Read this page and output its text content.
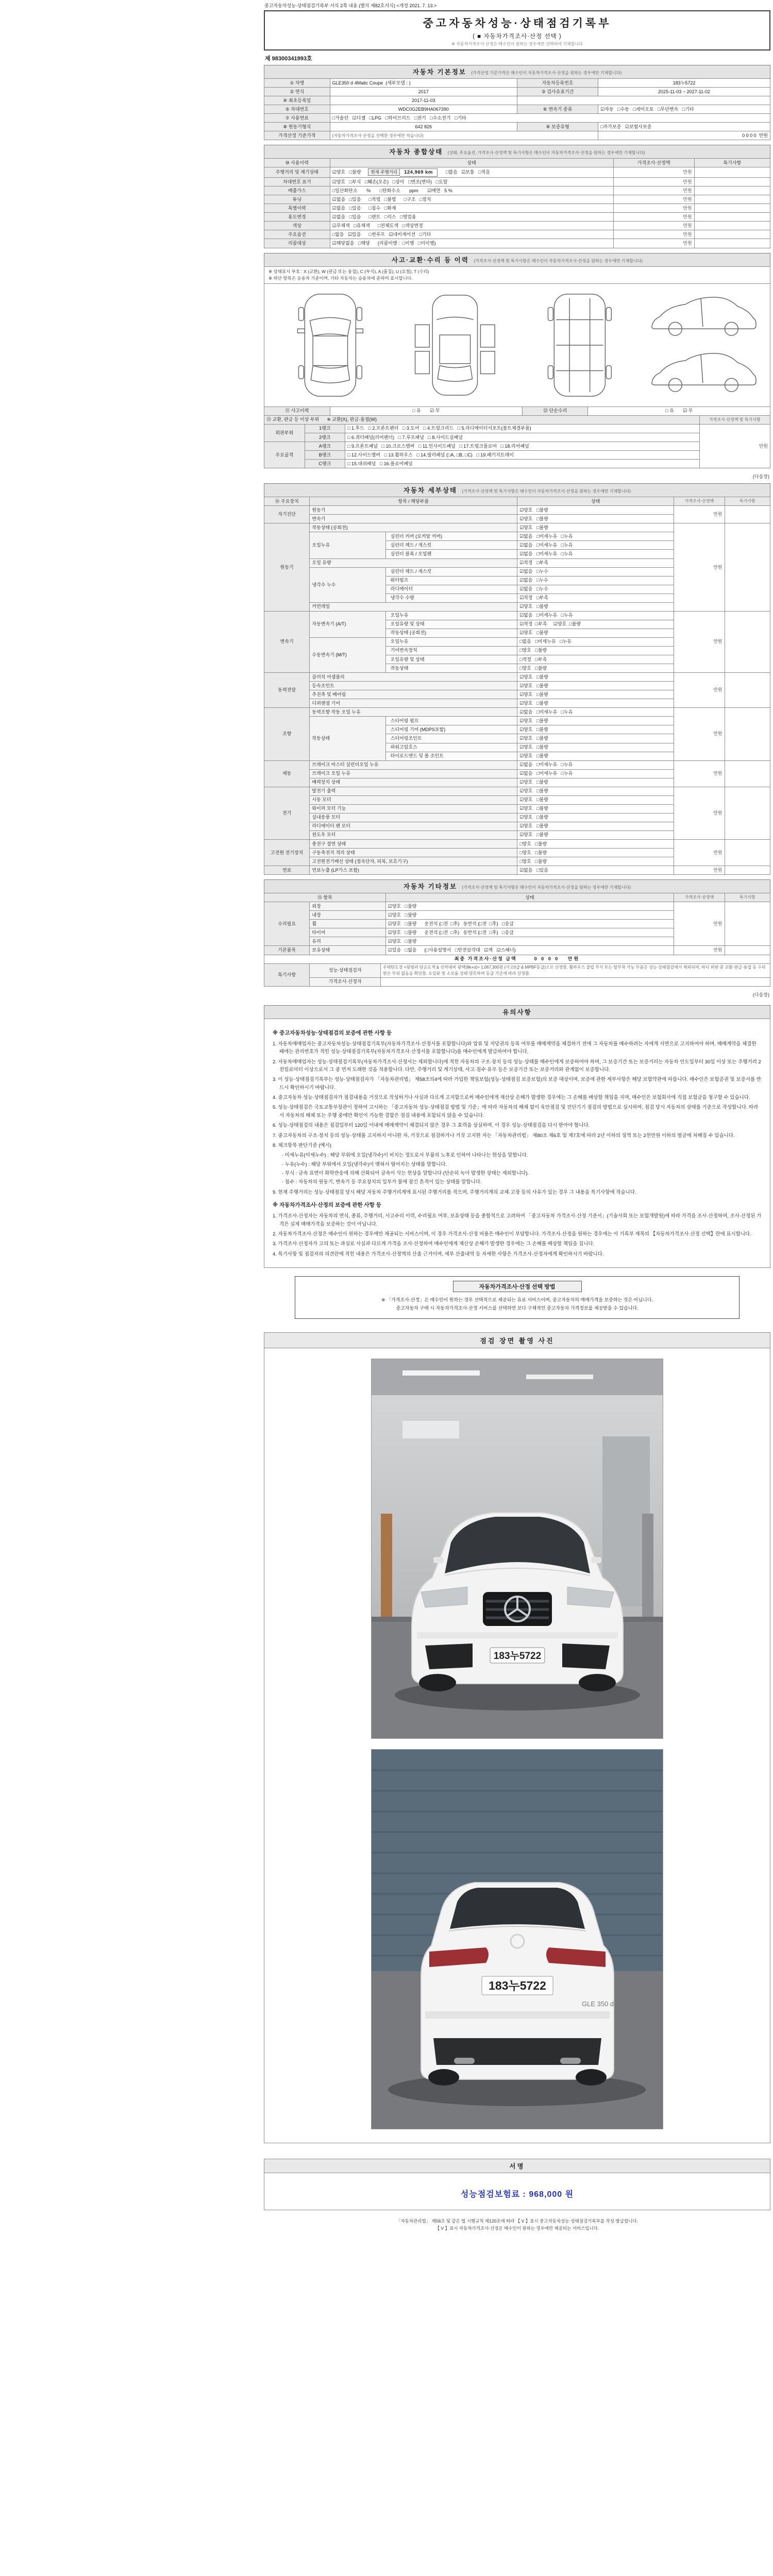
중고자동차성능·상태점검기록부 서식 2쪽 내용 (별지 제82호서식) <개정 2021. 7. 13.>
중고자동차성능·상태점검기록부
( ■ 자동차가격조사·산정 선택 )
※ 자동차가격조사·산정은 매수인이 원하는 경우에만 선택하여 기재합니다
제 98300341993호
자동차 기본정보 (가격산정 기준가격은 매수인이 자동차가격조사·산정을 원하는 경우에만 기재합니다)
① 차명	GLE350 d 4Matic Coupe  (세부모델 : )	자동차등록번호	183누5722
② 연식	2017	③ 검사유효기간	2025-11-03 ~ 2027-11-02
④ 최초등록일	2017-11-03		
⑤ 차대번호	WDC0G2EB9HA067390	⑥ 변속기 종류	☑자동   □수동   □세미오토   □무단변속   □기타
⑦ 사용연료	□가솔린   ☑디젤   □LPG   □하이브리드   □전기   □수소전기   □기타		
⑧ 원동기형식	642 826	⑨ 보증유형	□자가보증   ☑보험사보증
가격산정 기준가격	(자동차가격조사·산정을 선택한 경우에만 적습니다)		0 0 0 0  만원
자동차 종합상태 (상태, 주요옵션, 가격조사·산정액 및 특기사항은 매수인이 자동차가격조사·산정을 원하는 경우에만 기재합니다)
⑩ 사용이력	상태	가격조사·산정액	특기사항
주행거리 및 계기상태	☑양호   □불량 현재 주행거리 124,969 km □많음   ☑보통   □적음	만원	
차대번호 표기	☑양호   □부식   □훼손(오손)   □상이   □변조(변타)   □도말	만원	
배출가스	□일산화탄소       %       □탄화수소       ppm       ☑매연   5 %	만원	
튜닝	☑없음   □있음      □적법   □불법      □구조   □장치	만원	
특별이력	☑없음   □있음      □침수   □화재	만원	
용도변경	☑없음   □있음      □렌트   □리스   □영업용	만원	
색상	☑무채색   □유채색      □전체도색   □색상변경	만원	
주요옵션	□없음   ☑있음      □썬루프   ☑네비게이션   □기타	만원	
리콜대상	☑해당없음   □해당      (리콜이행 :  □이행   □미이행)	만원	
사고·교환·수리 등 이력 (가격조사·산정액 및 특기사항은 매수인이 자동차가격조사·산정을 원하는 경우에만 기재합니다)
※ 상태표시 부호 : X (교환), W (판금 또는 용접), C (부식), A (흠집), U (요철), T (수리)
※ 하단 항목은 승용차 기준이며, 기타 자동차는 승용차에 준하여 표시합니다.
⑪ 사고이력	□ 유       ☑ 무	⑫ 단순수리	□ 유       ☑ 무
⑬ 교환, 판금 등 이상 부위      ※ 교환(X), 판금·용접(W)			가격조사·산정액 및 특기사항
외판부위	1랭크	□ 1.후드   □ 2.프론트펜더   □ 3.도어   □ 4.트렁크리드   □ 5.라디에이터서포트(볼트체결부품)	만원
	2랭크	□ 6.쿼터패널(리어펜더)   □ 7.루프패널   □ 8.사이드실패널	
주요골격	A랭크	□ 9.프론트패널   □ 10.크로스멤버   □ 11.인사이드패널   □ 17.트렁크플로어   □ 18.리어패널	
	B랭크	□ 12.사이드멤버   □ 13.휠하우스   □ 14.필러패널 (□A, □B, □C)   □ 19.패키지트레이	
	C랭크	□ 15.대쉬패널   □ 16.플로어패널	
(다음장)
자동차 세부상태 (가격조사·산정액 및 특기사항은 매수인이 자동차가격조사·산정을 원하는 경우에만 기재합니다)
⑭ 주요장치	항목 / 해당부품		상태	가격조사·산정액	특기사항
자기진단	원동기		☑양호   □불량	만원	
	변속기		☑양호   □불량		
원동기	작동상태 (공회전)		☑양호   □불량	만원	
	오일누유	실린더 커버 (로커암 커버)	☑없음   □미세누유   □누유		
		실린더 헤드 / 개스킷	☑없음   □미세누유   □누유		
		실린더 블록 / 오일팬	☑없음   □미세누유   □누유		
	오일 유량		☑적정   □부족		
	냉각수 누수	실린더 헤드 / 개스킷	☑없음   □누수		
		워터펌프	☑없음   □누수		
		라디에이터	☑없음   □누수		
		냉각수 수량	☑적정   □부족		
	커먼레일		☑양호   □불량		
변속기	자동변속기 (A/T)	오일누유	☑없음   □미세누유   □누유	만원	
		오일유량 및 상태	☑적정  □부족     ☑양호  □불량		
		작동상태 (공회전)	☑양호   □불량		
	수동변속기 (M/T)	오일누유	□없음   □미세누유   □누유		
		기어변속장치	□양호   □불량		
		오일유량 및 상태	□적정   □부족		
		작동상태	□양호   □불량		
동력전달	클러치 어셈블리		☑양호   □불량	만원	
	등속조인트		☑양호   □불량		
	추진축 및 베어링		☑양호   □불량		
	디퍼렌셜 기어		☑양호   □불량		
조향	동력조향 작동 오일 누유		☑없음   □미세누유   □누유	만원	
	작동상태	스티어링 펌프	☑양호   □불량		
		스티어링 기어 (MDPS포함)	☑양호   □불량		
		스티어링조인트	☑양호   □불량		
		파워고압호스	☑양호   □불량		
		타이로드엔드 및 볼 조인트	☑양호   □불량		
제동	브레이크 마스터 실린더오일 누유		☑없음   □미세누유   □누유	만원	
	브레이크 오일 누유		☑없음   □미세누유   □누유		
	배력장치 상태		☑양호   □불량		
전기	발전기 출력		☑양호   □불량	만원	
	시동 모터		☑양호   □불량		
	와이퍼 모터 기능		☑양호   □불량		
	실내송풍 모터		☑양호   □불량		
	라디에이터 팬 모터		☑양호   □불량		
	윈도우 모터		☑양호   □불량		
고전원 전기장치	충전구 절연 상태		□양호   □불량	만원	
	구동축전지 격리 상태		□양호   □불량		
	고전원전기배선 상태 (접속단자, 피복, 보호기구)		□양호   □불량		
연료	연료누출 (LP가스 포함)		☑없음   □있음	만원	
자동차 기타정보 (가격조사·산정액 및 특기사항은 매수인이 자동차가격조사·산정을 원하는 경우에만 기재합니다)
⑮ 항목		상태	가격조사·산정액	특기사항
수리필요	외장	☑양호   □불량	만원	
	내장	☑양호   □불량		
	휠	☑양호   □불량      운전석 (□전  □후)   동반석 (□전  □후)   □응급		
	타이어	☑양호   □불량      운전석 (□전  □후)   동반석 (□전  □후)   □응급		
	유리	☑양호   □불량		
기본품목	보유상태	☑있음   □없음      (□사용설명서   □안전삼각대   ☑잭   ☑스패너)	만원	
최종 가격조사·산정 금액	0 0 0 0   만원
특기사항	성능·상태점검자	우레탄도장 <뒷범퍼 단순도색 & 신차대비 광택(8k+α)> 1,067,300원 (사고0급 & MPBF등급)으로 산정함. 휠하우스 클립 부식 또는 탈부착 가능 부품은 성능·상태점검에서 제외되며, 바디 외판 중 교환·판금·용접 등 수리 받은 부위 없음을 확인함. 오일류 및 소모품 상태 양호하며 등급 기준에 따라 산정함.
	가격조사·산정자	
(다음장)
유의사항
※ 중고자동차성능·상태점검의 보증에 관한 사항 등
1. 자동차매매업자는 중고자동차성능·상태점검기록부(자동차가격조사·산정서를 포함합니다)와 압류 및 저당권의 등록 여부를 매매계약을 체결하기 전에 그 자동차를 매수하려는 자에게 서면으로 고지하여야 하며, 매매계약을 체결한 때에는 관리번호가 적힌 성능·상태점검기록부(자동차가격조사·산정서를 포함합니다)를 매수인에게 발급하여야 합니다.
2. 자동차매매업자는 성능·상태점검기록부(자동차가격조사·산정서는 제외합니다)에 적힌 자동차의 구조·장치 등의 성능·상태를 매수인에게 보증하여야 하며, 그 보증기간 또는 보증거리는 자동차 인도일부터 30일 이상 또는 주행거리 2천킬로미터 이상으로서 그 중 먼저 도래한 것을 적용합니다. 다만, 주행거리 및 계기상태, 사고·침수 유무 등은 보증기간 또는 보증거리와 관계없이 보증합니다.
3. 이 성능·상태점검기록부는 성능·상태점검자가 「자동차관리법」 제58조의4에 따라 가입한 책임보험(성능·상태점검 보증보험)의 보증 대상이며, 보증에 관한 세부사항은 해당 보험약관에 따릅니다. 매수인은 보험증권 및 보증서를 반드시 확인하시기 바랍니다.
4. 중고자동차 성능·상태점검자가 점검내용을 거짓으로 작성하거나 사실과 다르게 고지함으로써 매수인에게 재산상 손해가 발생한 경우에는 그 손해를 배상할 책임을 지며, 매수인은 보험회사에 직접 보험금을 청구할 수 있습니다.
5. 성능·상태점검은 국토교통부장관이 정하여 고시하는 「중고자동차 성능·상태점검 방법 및 기준」에 따라 자동차의 해체 없이 육안점검 및 진단기기 점검의 방법으로 실시하며, 점검 당시 자동차의 상태를 기준으로 작성합니다. 따라서 자동차의 해체 또는 주행 중에만 확인이 가능한 결함은 점검 내용에 포함되지 않을 수 있습니다.
6. 성능·상태점검의 내용은 점검일부터 120일 이내에 매매계약이 체결되지 않은 경우 그 효력을 상실하며, 이 경우 성능·상태점검을 다시 받아야 합니다.
7. 중고자동차의 구조·장치 등의 성능·상태를 고지하지 아니한 자, 거짓으로 점검하거나 거짓 고지한 자는 「자동차관리법」 제80조 제6호 및 제7호에 따라 2년 이하의 징역 또는 2천만원 이하의 벌금에 처해질 수 있습니다.
8. 체크항목 판단기준 (예시)
· 미세누유(미세누수) : 해당 부위에 오일(냉각수)이 비치는 정도로서 부품의 노후로 인하여 나타나는 현상을 말합니다.
· 누유(누수) : 해당 부위에서 오일(냉각수)이 맺혀서 떨어지는 상태를 말합니다.
· 부식 : 금속 표면이 화학반응에 의해 산화되어 금속이 삭는 현상을 말합니다 (단순히 녹이 발생한 상태는 제외합니다).
· 침수 : 자동차의 원동기, 변속기 등 주요장치의 일부가 물에 잠긴 흔적이 있는 상태를 말합니다.
9. 현재 주행거리는 성능·상태점검 당시 해당 자동차 주행거리계에 표시된 주행거리를 적으며, 주행거리계의 교체·고장 등의 사유가 있는 경우 그 내용을 특기사항에 적습니다.
※ 자동차가격조사·산정의 보증에 관한 사항 등
1. 가격조사·산정자는 자동차의 연식, 종류, 주행거리, 사고수리 이력, 수리필요 여부, 보유상태 등을 종합적으로 고려하여 「중고자동차 가격조사·산정 기준서」(기술사회 또는 보험개발원)에 따라 가격을 조사·산정하며, 조사·산정된 가격은 실제 매매가격을 보증하는 것이 아닙니다.
2. 자동차가격조사·산정은 매수인이 원하는 경우에만 제공되는 서비스이며, 이 경우 가격조사·산정 비용은 매수인이 부담합니다. 가격조사·산정을 원하는 경우에는 이 기록부 제목의 【자동차가격조사·산정 선택】란에 표시합니다.
3. 가격조사·산정자가 고의 또는 과실로 사실과 다르게 가격을 조사·산정하여 매수인에게 재산상 손해가 발생한 경우에는 그 손해를 배상할 책임을 집니다.
4. 특기사항 및 점검자의 의견란에 적힌 내용은 가격조사·산정액의 산출 근거이며, 세부 산출내역 등 자세한 사항은 가격조사·산정자에게 확인하시기 바랍니다.
자동차가격조사·산정 선택 방법
※ 「가격조사·산정」은 매수인이 원하는 경우 선택적으로 제공되는 유료 서비스이며, 중고자동차의 매매가격을 보증하는 것은 아닙니다.
중고자동차 구매 시 자동차가격조사·산정 서비스를 선택하면 보다 구체적인 중고자동차 가격정보를 제공받을 수 있습니다.
점검 장면 촬영 사진
183누5722
183누5722
GLE 350 d
서명
성능점검보험료 : 968,000 원
「자동차관리법」 제58조 및 같은 법 시행규칙 제120조에 따라 【 V 】표시 중고자동차성능·상태점검기록부를 작성·발급합니다.
【 V 】표시 자동차가격조사·산정은 매수인이 원하는 경우에만 제공되는 서비스입니다.
